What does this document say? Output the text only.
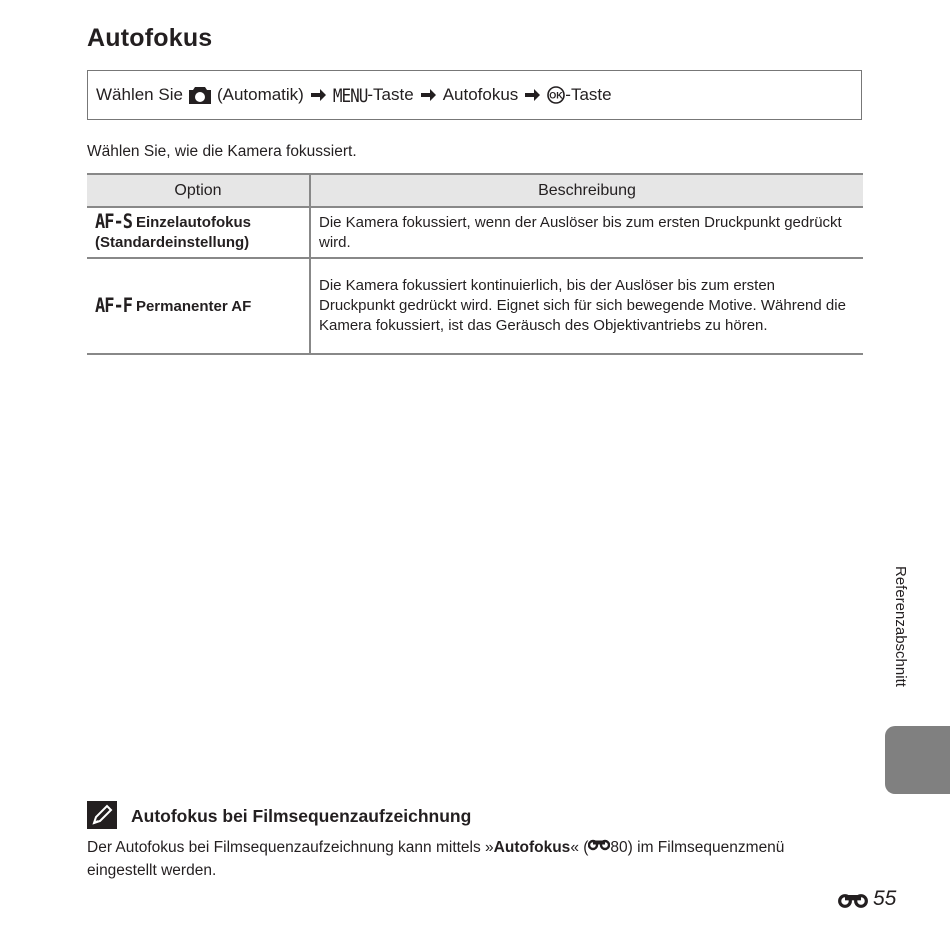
Autofokus
Wählen Sie (Automatik) MENU -Taste Autofokus	OK -Taste
Wählen Sie, wie die Kamera fokussiert.
Option	Beschreibung
AF-S Einzelautofokus
(Standardeinstellung)	Die Kamera fokussiert, wenn der Auslöser bis zum ersten Druckpunkt gedrückt wird.
AF-F Permanenter AF	Die Kamera fokussiert kontinuierlich, bis der Auslöser bis zum ersten Druckpunkt gedrückt wird. Eignet sich für sich bewegende Motive. Während die Kamera fokussiert, ist das Geräusch des Objektivantriebs zu hören.
Referenzabschnitt
Autofokus bei Filmsequenzaufzeichnung
Der Autofokus bei Filmsequenzaufzeichnung kann mittels »Autofokus« ( 80) im Filmsequenzmenü eingestellt werden.
55
